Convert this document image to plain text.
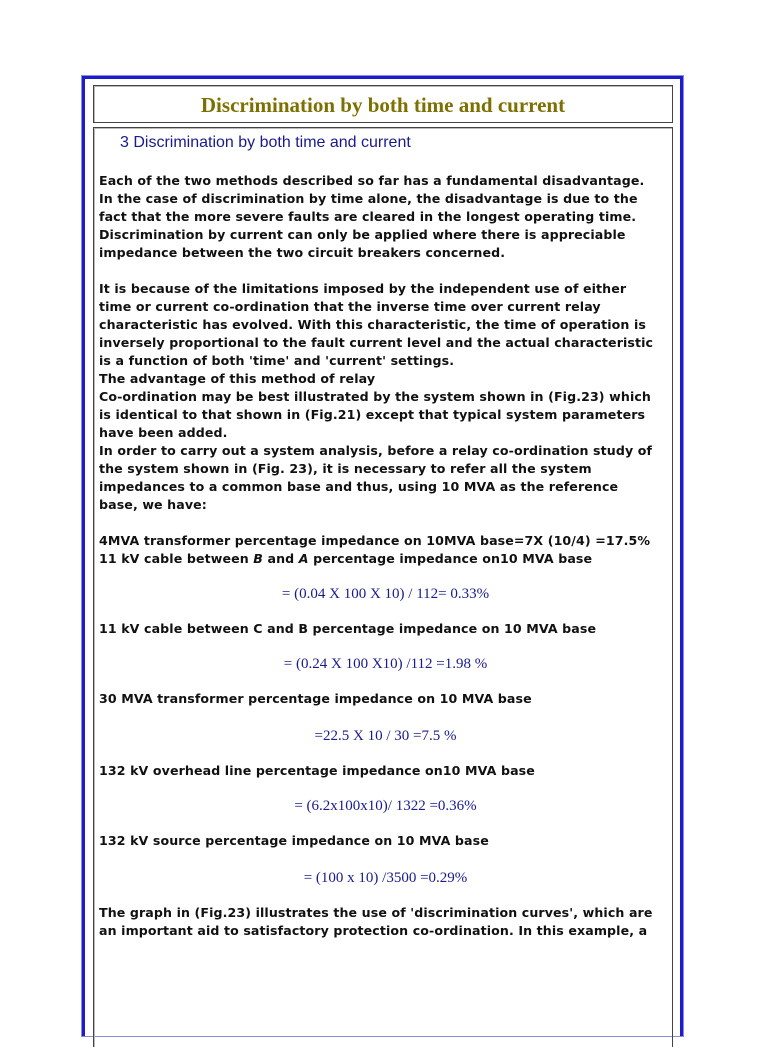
Discrimination by both time and current
3 Discrimination by both time and current

Each of the two methods described so far has a fundamental disadvantage.
In the case of discrimination by time alone, the disadvantage is due to the
fact that the more severe faults are cleared in the longest operating time.
Discrimination by current can only be applied where there is appreciable
impedance between the two circuit breakers concerned.

It is because of the limitations imposed by the independent use of either
time or current co-ordination that the inverse time over current relay
characteristic has evolved. With this characteristic, the time of operation is
inversely proportional to the fault current level and the actual characteristic
is a function of both 'time' and 'current' settings.

The advantage of this method of relay

Co-ordination may be best illustrated by the system shown in (Fig.23) which
is identical to that shown in (Fig.21) except that typical system parameters
have been added.

In order to carry out a system analysis, before a relay co-ordination study of
the system shown in (Fig. 23), it is necessary to refer all the system
impedances to a common base and thus, using 10 MVA as the reference
base, we have:

4MVA transformer percentage impedance on 10MVA base=7X (10/4) =17.5%

11 kV cable between B and A percentage impedance on10 MVA base

= (0.04 X 100 X 10) / 112= 0.33%

11 kV cable between C and B percentage impedance on 10 MVA base

= (0.24 X 100 X10) /112 =1.98 %

30 MVA transformer percentage impedance on 10 MVA base

=22.5 X 10 / 30 =7.5 %

132 kV overhead line percentage impedance on10 MVA base

= (6.2x100x10)/ 1322 =0.36%

132 kV source percentage impedance on 10 MVA base

= (100 x 10) /3500 =0.29%

The graph in (Fig.23) illustrates the use of 'discrimination curves', which are
an important aid to satisfactory protection co-ordination. In this example, a
